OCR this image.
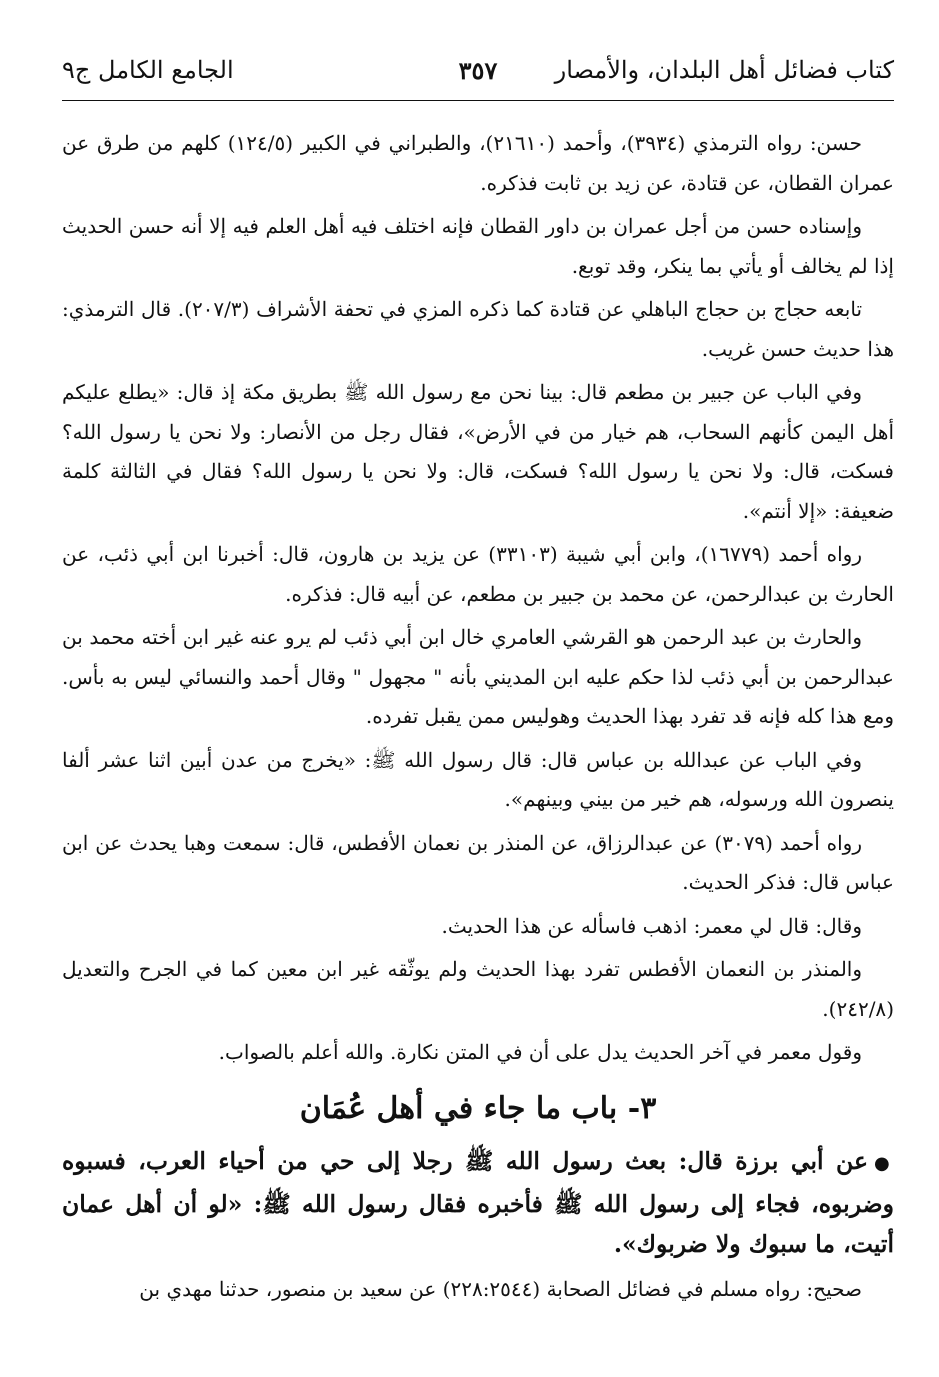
كتاب فضائل أهل البلدان، والأمصار
٣٥٧
الجامع الكامل ج٩

حسن: رواه الترمذي (٣٩٣٤)، وأحمد (٢١٦١٠)، والطبراني في الكبير (١٢٤/٥) كلهم من طرق عن عمران القطان، عن قتادة، عن زيد بن ثابت فذكره.

وإسناده حسن من أجل عمران بن داور القطان فإنه اختلف فيه أهل العلم فيه إلا أنه حسن الحديث إذا لم يخالف أو يأتي بما ينكر، وقد توبع.

تابعه حجاج بن حجاج الباهلي عن قتادة كما ذكره المزي في تحفة الأشراف (٢٠٧/٣). قال الترمذي: هذا حديث حسن غريب.

وفي الباب عن جبير بن مطعم قال: بينا نحن مع رسول الله ﷺ بطريق مكة إذ قال: «يطلع عليكم أهل اليمن كأنهم السحاب، هم خيار من في الأرض»، فقال رجل من الأنصار: ولا نحن يا رسول الله؟ فسكت، قال: ولا نحن يا رسول الله؟ فسكت، قال: ولا نحن يا رسول الله؟ فقال في الثالثة كلمة ضعيفة: «إلا أنتم».

رواه أحمد (١٦٧٧٩)، وابن أبي شيبة (٣٣١٠٣) عن يزيد بن هارون، قال: أخبرنا ابن أبي ذئب، عن الحارث بن عبدالرحمن، عن محمد بن جبير بن مطعم، عن أبيه قال: فذكره.

والحارث بن عبد الرحمن هو القرشي العامري خال ابن أبي ذئب لم يرو عنه غير ابن أخته محمد بن عبدالرحمن بن أبي ذئب لذا حكم عليه ابن المديني بأنه " مجهول " وقال أحمد والنسائي ليس به بأس. ومع هذا كله فإنه قد تفرد بهذا الحديث وهوليس ممن يقبل تفرده.

وفي الباب عن عبدالله بن عباس قال: قال رسول الله ﷺ: «يخرج من عدن أبين اثنا عشر ألفا ينصرون الله ورسوله، هم خير من بيني وبينهم».

رواه أحمد (٣٠٧٩) عن عبدالرزاق، عن المنذر بن نعمان الأفطس، قال: سمعت وهبا يحدث عن ابن عباس قال: فذكر الحديث.

وقال: قال لي معمر: اذهب فاسأله عن هذا الحديث.

والمنذر بن النعمان الأفطس تفرد بهذا الحديث ولم يوثّقه غير ابن معين كما في الجرح والتعديل (٢٤٢/٨).

وقول معمر في آخر الحديث يدل على أن في المتن نكارة. والله أعلم بالصواب.

٣- باب ما جاء في أهل عُمَان

●عن أبي برزة قال: بعث رسول الله ﷺ رجلا إلى حي من أحياء العرب، فسبوه وضربوه، فجاء إلى رسول الله ﷺ فأخبره فقال رسول الله ﷺ: «لو أن أهل عمان أتيت، ما سبوك ولا ضربوك».

صحيح: رواه مسلم في فضائل الصحابة (٢٢٨:٢٥٤٤) عن سعيد بن منصور، حدثنا مهدي بن
